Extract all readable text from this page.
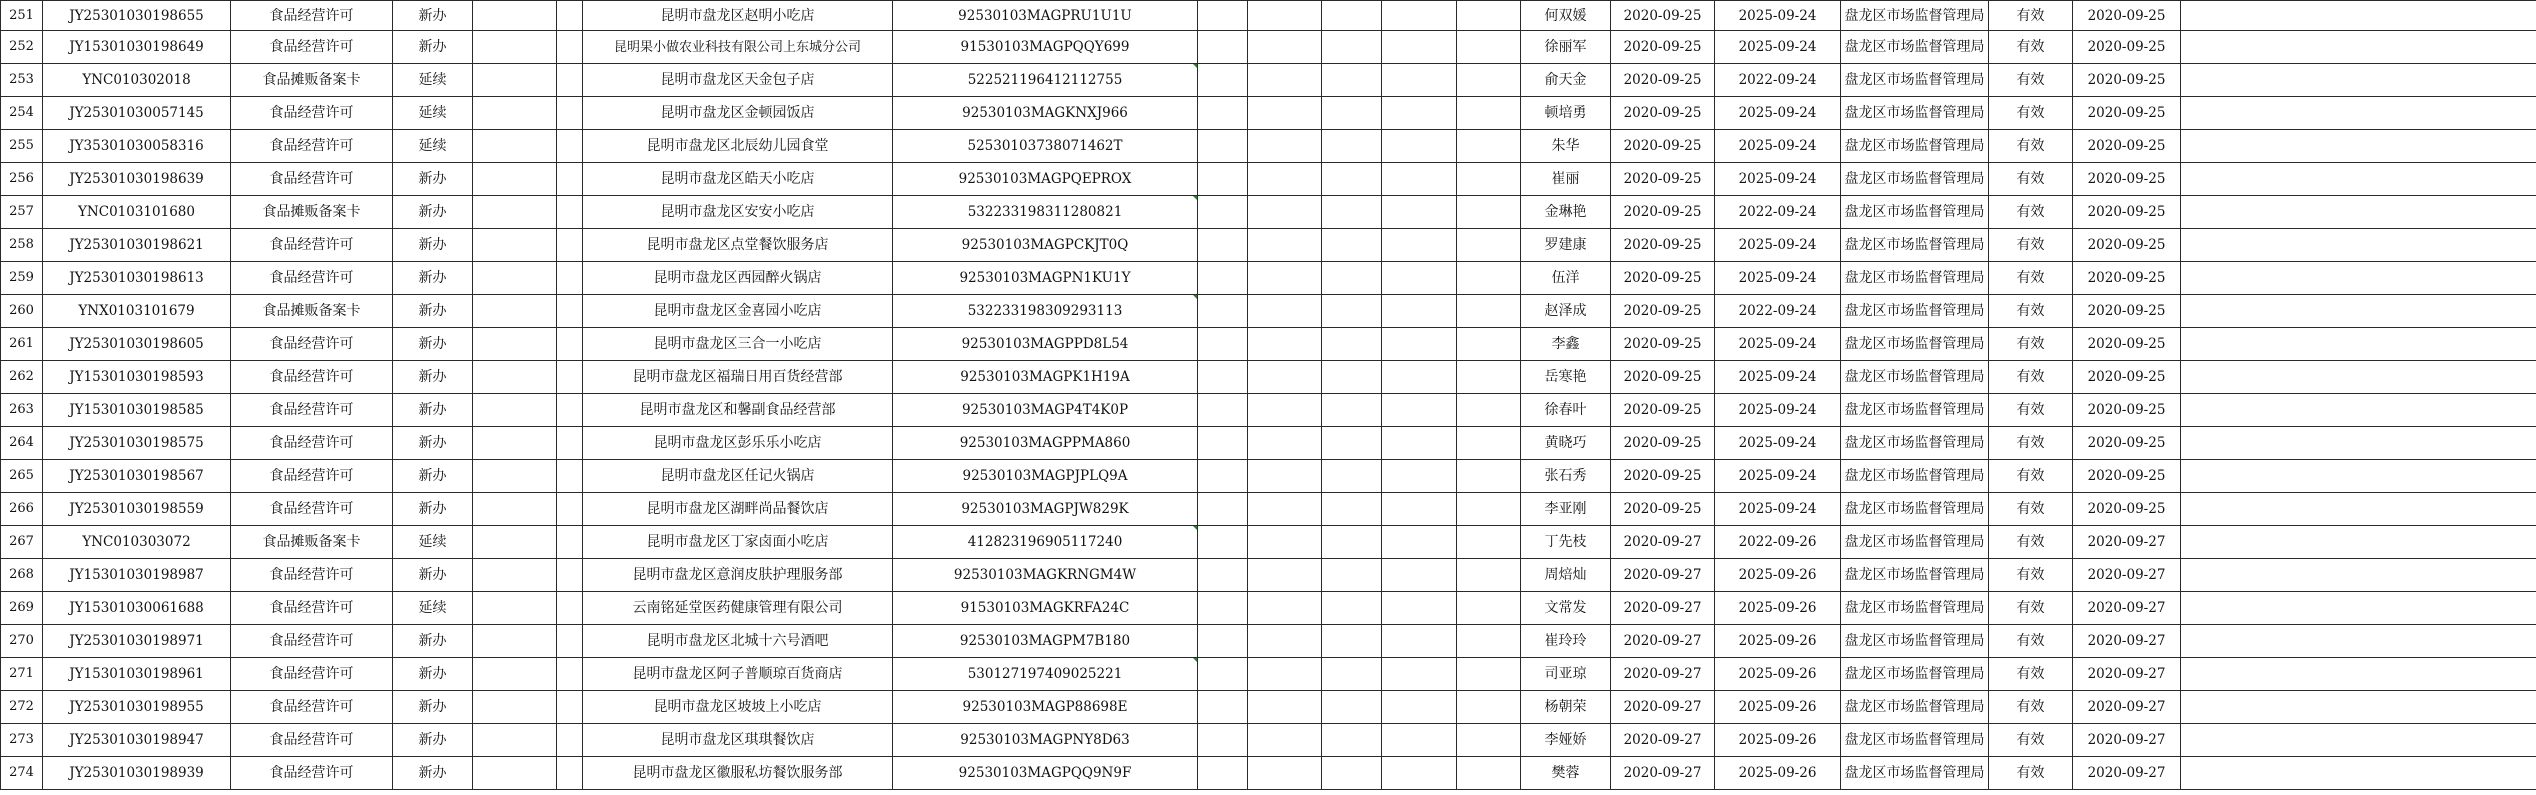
251	JY25301030198655	食品经营许可	新办			昆明市盘龙区赵明小吃店	92530103MAGPRU1U1U						何双媛	2020-09-25	2025-09-24	盘龙区市场监督管理局	有效	2020-09-25	
252	JY15301030198649	食品经营许可	新办			昆明果小做农业科技有限公司上东城分公司	91530103MAGPQQY699						徐丽军	2020-09-25	2025-09-24	盘龙区市场监督管理局	有效	2020-09-25	
253	YNC010302018	食品摊贩备案卡	延续			昆明市盘龙区天金包子店	522521196412112755						俞天金	2020-09-25	2022-09-24	盘龙区市场监督管理局	有效	2020-09-25	
254	JY25301030057145	食品经营许可	延续			昆明市盘龙区金顿园饭店	92530103MAGKNXJ966						顿培勇	2020-09-25	2025-09-24	盘龙区市场监督管理局	有效	2020-09-25	
255	JY35301030058316	食品经营许可	延续			昆明市盘龙区北辰幼儿园食堂	52530103738071462T						朱华	2020-09-25	2025-09-24	盘龙区市场监督管理局	有效	2020-09-25	
256	JY25301030198639	食品经营许可	新办			昆明市盘龙区皓天小吃店	92530103MAGPQEPROX						崔丽	2020-09-25	2025-09-24	盘龙区市场监督管理局	有效	2020-09-25	
257	YNC0103101680	食品摊贩备案卡	新办			昆明市盘龙区安安小吃店	532233198311280821						金琳艳	2020-09-25	2022-09-24	盘龙区市场监督管理局	有效	2020-09-25	
258	JY25301030198621	食品经营许可	新办			昆明市盘龙区点堂餐饮服务店	92530103MAGPCKJT0Q						罗建康	2020-09-25	2025-09-24	盘龙区市场监督管理局	有效	2020-09-25	
259	JY25301030198613	食品经营许可	新办			昆明市盘龙区西园醉火锅店	92530103MAGPN1KU1Y						伍洋	2020-09-25	2025-09-24	盘龙区市场监督管理局	有效	2020-09-25	
260	YNX0103101679	食品摊贩备案卡	新办			昆明市盘龙区金喜园小吃店	532233198309293113						赵泽成	2020-09-25	2022-09-24	盘龙区市场监督管理局	有效	2020-09-25	
261	JY25301030198605	食品经营许可	新办			昆明市盘龙区三合一小吃店	92530103MAGPPD8L54						李鑫	2020-09-25	2025-09-24	盘龙区市场监督管理局	有效	2020-09-25	
262	JY15301030198593	食品经营许可	新办			昆明市盘龙区福瑞日用百货经营部	92530103MAGPK1H19A						岳寒艳	2020-09-25	2025-09-24	盘龙区市场监督管理局	有效	2020-09-25	
263	JY15301030198585	食品经营许可	新办			昆明市盘龙区和馨副食品经营部	92530103MAGP4T4K0P						徐春叶	2020-09-25	2025-09-24	盘龙区市场监督管理局	有效	2020-09-25	
264	JY25301030198575	食品经营许可	新办			昆明市盘龙区彭乐乐小吃店	92530103MAGPPMA860						黄晓巧	2020-09-25	2025-09-24	盘龙区市场监督管理局	有效	2020-09-25	
265	JY25301030198567	食品经营许可	新办			昆明市盘龙区任记火锅店	92530103MAGPJPLQ9A						张石秀	2020-09-25	2025-09-24	盘龙区市场监督管理局	有效	2020-09-25	
266	JY25301030198559	食品经营许可	新办			昆明市盘龙区湖畔尚品餐饮店	92530103MAGPJW829K						李亚刚	2020-09-25	2025-09-24	盘龙区市场监督管理局	有效	2020-09-25	
267	YNC010303072	食品摊贩备案卡	延续			昆明市盘龙区丁家卤面小吃店	412823196905117240						丁先枝	2020-09-27	2022-09-26	盘龙区市场监督管理局	有效	2020-09-27	
268	JY15301030198987	食品经营许可	新办			昆明市盘龙区意润皮肤护理服务部	92530103MAGKRNGM4W						周焙灿	2020-09-27	2025-09-26	盘龙区市场监督管理局	有效	2020-09-27	
269	JY15301030061688	食品经营许可	延续			云南铭延堂医药健康管理有限公司	91530103MAGKRFA24C						文常发	2020-09-27	2025-09-26	盘龙区市场监督管理局	有效	2020-09-27	
270	JY25301030198971	食品经营许可	新办			昆明市盘龙区北城十六号酒吧	92530103MAGPM7B180						崔玲玲	2020-09-27	2025-09-26	盘龙区市场监督管理局	有效	2020-09-27	
271	JY15301030198961	食品经营许可	新办			昆明市盘龙区阿子普顺琼百货商店	530127197409025221						司亚琼	2020-09-27	2025-09-26	盘龙区市场监督管理局	有效	2020-09-27	
272	JY25301030198955	食品经营许可	新办			昆明市盘龙区坡坡上小吃店	92530103MAGP88698E						杨朝荣	2020-09-27	2025-09-26	盘龙区市场监督管理局	有效	2020-09-27	
273	JY25301030198947	食品经营许可	新办			昆明市盘龙区琪琪餐饮店	92530103MAGPNY8D63						李娅娇	2020-09-27	2025-09-26	盘龙区市场监督管理局	有效	2020-09-27	
274	JY25301030198939	食品经营许可	新办			昆明市盘龙区徽服私坊餐饮服务部	92530103MAGPQQ9N9F						樊蓉	2020-09-27	2025-09-26	盘龙区市场监督管理局	有效	2020-09-27	
